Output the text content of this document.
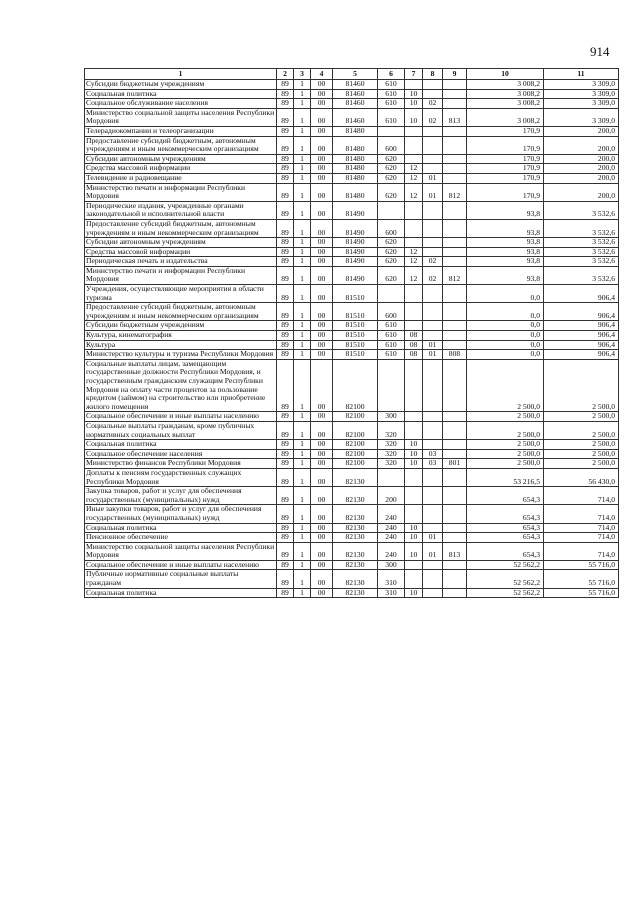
914
1	2	3	4	5	6	7	8	9	10	11
Субсидии бюджетным учреждениям	89	1	00	81460	610				3 008,2	3 309,0
Социальная политика	89	1	00	81460	610	10			3 008,2	3 309,0
Социальное обслуживание населения	89	1	00	81460	610	10	02		3 008,2	3 309,0
Министерство социальной защиты населения Республики Мордовия	89	1	00	81460	610	10	02	813	3 008,2	3 309,0
Телерадиокомпании и телеорганизации	89	1	00	81480					170,9	200,0
Предоставление субсидий бюджетным, автономным учреждениям и иным некоммерческим организациям	89	1	00	81480	600				170,9	200,0
Субсидии автономным учреждениям	89	1	00	81480	620				170,9	200,0
Средства массовой информации	89	1	00	81480	620	12			170,9	200,0
Телевидение и радиовещание	89	1	00	81480	620	12	01		170,9	200,0
Министерство печати и информации Республики Мордовия	89	1	00	81480	620	12	01	812	170,9	200,0
Периодические издания, учрежденные органами законодательной и исполнительной власти	89	1	00	81490					93,8	3 532,6
Предоставление субсидий бюджетным, автономным учреждениям и иным некоммерческим организациям	89	1	00	81490	600				93,8	3 532,6
Субсидии автономным учреждениям	89	1	00	81490	620				93,8	3 532,6
Средства массовой информации	89	1	00	81490	620	12			93,8	3 532,6
Периодическая печать и издательства	89	1	00	81490	620	12	02		93,8	3 532,6
Министерство печати и информации Республики Мордовия	89	1	00	81490	620	12	02	812	93,8	3 532,6
Учреждения, осуществляющие мероприятия в области туризма	89	1	00	81510					0,0	906,4
Предоставление субсидий бюджетным, автономным учреждениям и иным некоммерческим организациям	89	1	00	81510	600				0,0	906,4
Субсидии бюджетным учреждениям	89	1	00	81510	610				0,0	906,4
Культура, кинематография	89	1	00	81510	610	08			0,0	906,4
Культура	89	1	00	81510	610	08	01		0,0	906,4
Министерство культуры и туризма Республики Мордовия	89	1	00	81510	610	08	01	808	0,0	906,4
Социальные выплаты лицам, замещающим государственные должности Республики Мордовия, и государственным гражданским служащим Республики Мордовия на оплату части процентов за пользование кредитом (займом) на строительство или приобретение жилого помещения	89	1	00	82100					2 500,0	2 500,0
Социальное обеспечение и иные выплаты населению	89	1	00	82100	300				2 500,0	2 500,0
Социальные выплаты гражданам, кроме публичных нормативных социальных выплат	89	1	00	82100	320				2 500,0	2 500,0
Социальная политика	89	1	00	82100	320	10			2 500,0	2 500,0
Социальное обеспечение населения	89	1	00	82100	320	10	03		2 500,0	2 500,0
Министерство финансов Республики Мордовия	89	1	00	82100	320	10	03	801	2 500,0	2 500,0
Доплаты к пенсиям государственных служащих Республики Мордовия	89	1	00	82130					53 216,5	56 430,0
Закупка товаров, работ и услуг для обеспечения государственных (муниципальных) нужд	89	1	00	82130	200				654,3	714,0
Иные закупки товаров, работ и услуг для обеспечения государственных (муниципальных) нужд	89	1	00	82130	240				654,3	714,0
Социальная политика	89	1	00	82130	240	10			654,3	714,0
Пенсионное обеспечение	89	1	00	82130	240	10	01		654,3	714,0
Министерство социальной защиты населения Республики Мордовия	89	1	00	82130	240	10	01	813	654,3	714,0
Социальное обеспечение и иные выплаты населению	89	1	00	82130	300				52 562,2	55 716,0
Публичные нормативные социальные выплаты гражданам	89	1	00	82130	310				52 562,2	55 716,0
Социальная политика	89	1	00	82130	310	10			52 562,2	55 716,0
